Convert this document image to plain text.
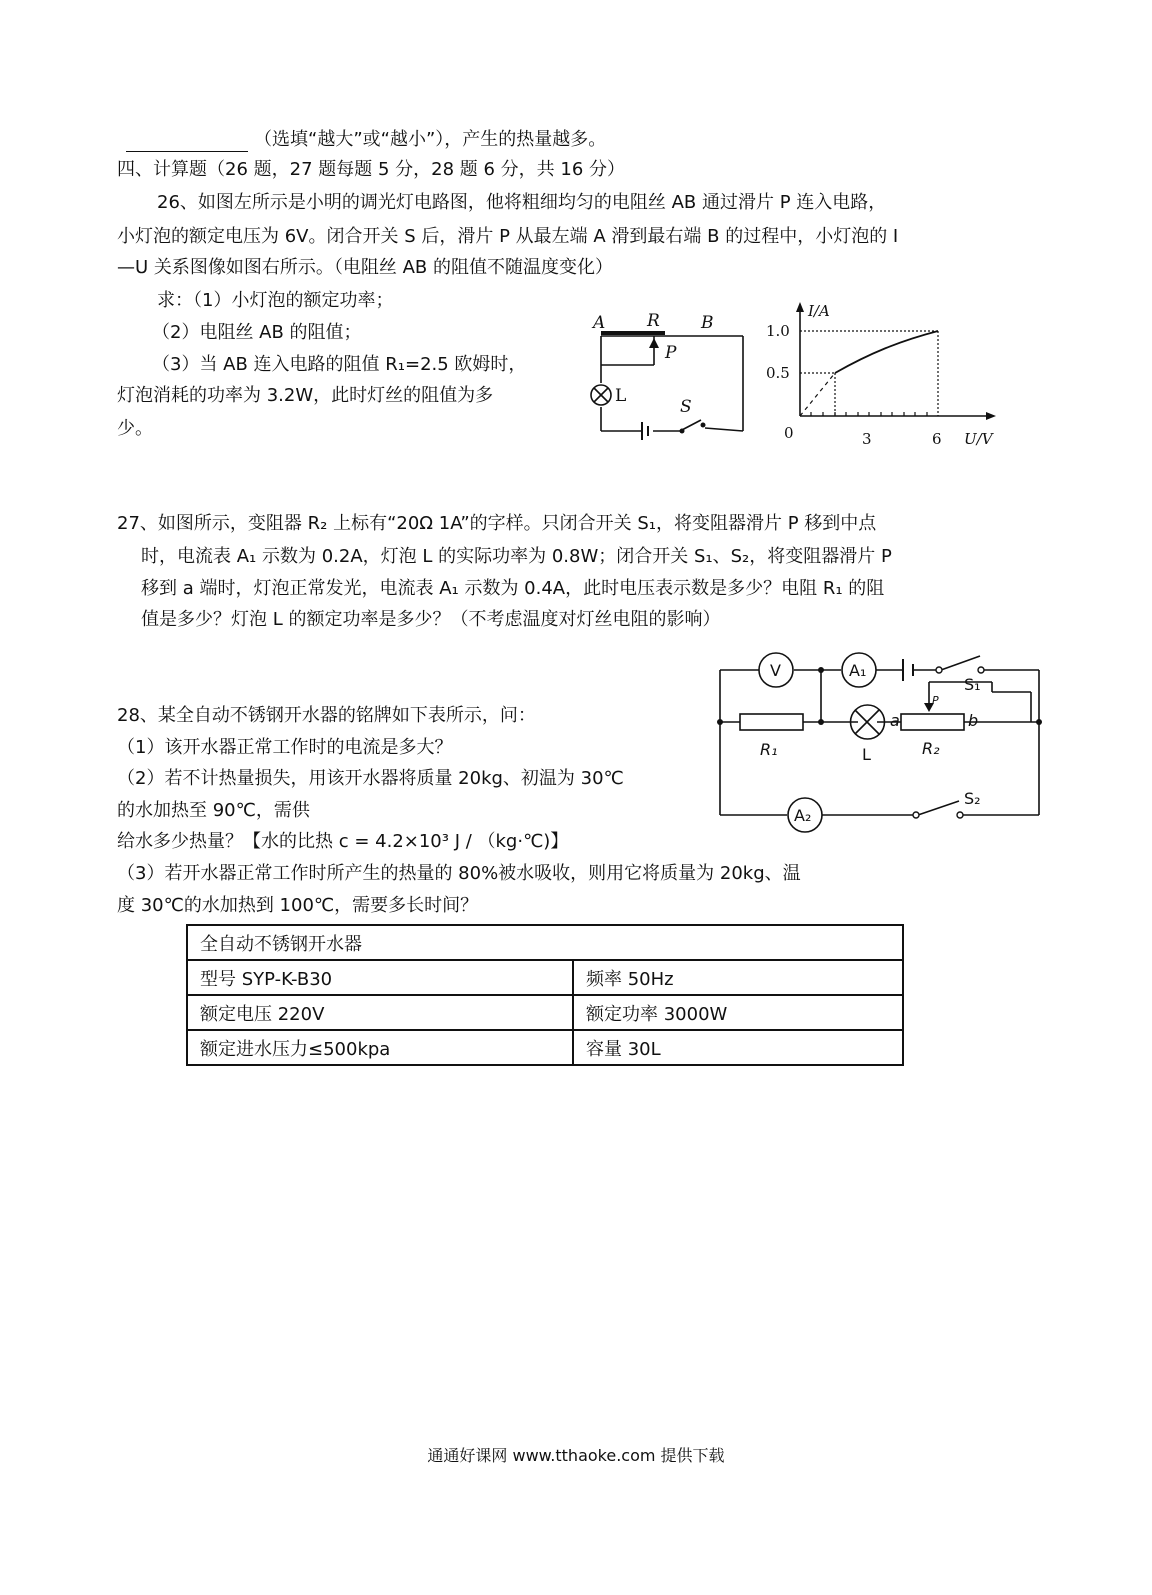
（选填“越大”或“越小”），产生的热量越多。
四、计算题（26 题，27 题每题 5 分，28 题 6 分，共 16 分）
26、如图左所示是小明的调光灯电路图，他将粗细均匀的电阻丝 AB 通过滑片 P 连入电路，
小灯泡的额定电压为 6V。闭合开关 S 后，滑片 P 从最左端 A 滑到最右端 B 的过程中，小灯泡的 I
—U 关系图像如图右所示。（电阻丝 AB 的阻值不随温度变化）
求：（1）小灯泡的额定功率；
（2）电阻丝 AB 的阻值；
（3）当 AB 连入电路的阻值 R₁=2.5 欧姆时，
灯泡消耗的功率为 3.2W，此时灯丝的阻值为多
少。
A R B
P
S
L
I/A
1.0
0.5
0	3	6 U/V
27、如图所示，变阻器 R₂ 上标有“20Ω 1A”的字样。只闭合开关 S₁，将变阻器滑片 P 移到中点
时，电流表 A₁ 示数为 0.2A，灯泡 L 的实际功率为 0.8W；闭合开关 S₁、S₂，将变阻器滑片 P
移到 a 端时，灯泡正常发光，电流表 A₁ 示数为 0.4A，此时电压表示数是多少？电阻 R₁ 的阻
值是多少？灯泡 L 的额定功率是多少？（不考虑温度对灯丝电阻的影响）
V	A₁
S₁
P
a	b
R₁	L	R₂
A₂
S₂
28、某全自动不锈钢开水器的铭牌如下表所示，问：
（1）该开水器正常工作时的电流是多大？
（2）若不计热量损失，用该开水器将质量 20kg、初温为 30℃
的水加热至 90℃，需供
给水多少热量？【水的比热 c = 4.2×10³ J / （kg·℃)】
（3）若开水器正常工作时所产生的热量的 80%被水吸收，则用它将质量为 20kg、温
度 30℃的水加热到 100℃，需要多长时间？
全自动不锈钢开水器	
型号 SYP-K-B30	频率 50Hz
额定电压 220V	额定功率 3000W
额定进水压力≤500kpa	容量 30L
通通好课网 www.tthaoke.com 提供下载
